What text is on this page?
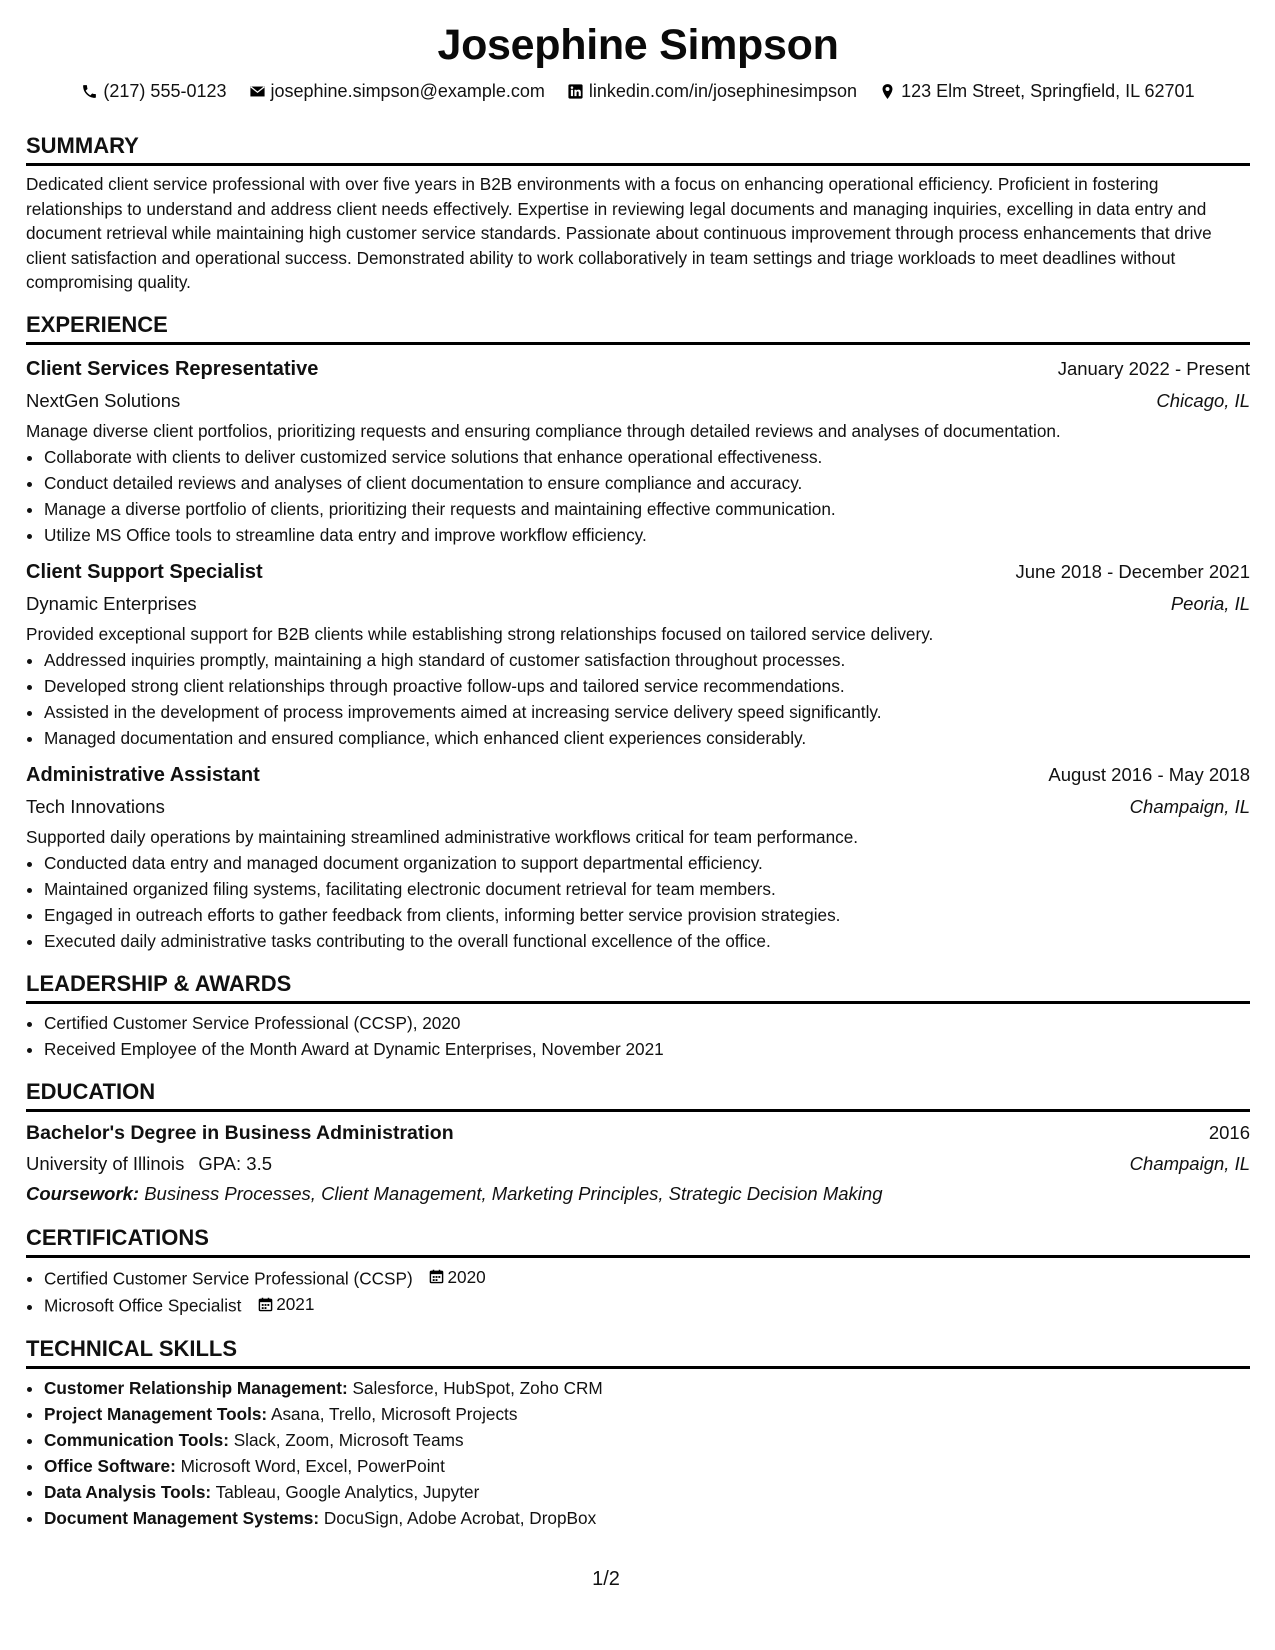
Josephine Simpson
(217) 555-0123 josephine.simpson@example.com linkedin.com/in/josephinesimpson 123 Elm Street, Springfield, IL 62701
SUMMARY

Dedicated client service professional with over five years in B2B environments with a focus on enhancing operational efficiency. Proficient in fostering relationships to understand and address client needs effectively. Expertise in reviewing legal documents and managing inquiries, excelling in data entry and document retrieval while maintaining high customer service standards. Passionate about continuous improvement through process enhancements that drive client satisfaction and operational success. Demonstrated ability to work collaboratively in team settings and triage workloads to meet deadlines without compromising quality.

EXPERIENCE
Client Services Representative	January 2022 - Present
NextGen Solutions	Chicago, IL
Manage diverse client portfolios, prioritizing requests and ensuring compliance through detailed reviews and analyses of documentation.
• Collaborate with clients to deliver customized service solutions that enhance operational effectiveness.
• Conduct detailed reviews and analyses of client documentation to ensure compliance and accuracy.
• Manage a diverse portfolio of clients, prioritizing their requests and maintaining effective communication.
• Utilize MS Office tools to streamline data entry and improve workflow efficiency.
Client Support Specialist	June 2018 - December 2021
Dynamic Enterprises	Peoria, IL
Provided exceptional support for B2B clients while establishing strong relationships focused on tailored service delivery.
• Addressed inquiries promptly, maintaining a high standard of customer satisfaction throughout processes.
• Developed strong client relationships through proactive follow-ups and tailored service recommendations.
• Assisted in the development of process improvements aimed at increasing service delivery speed significantly.
• Managed documentation and ensured compliance, which enhanced client experiences considerably.
Administrative Assistant	August 2016 - May 2018
Tech Innovations	Champaign, IL
Supported daily operations by maintaining streamlined administrative workflows critical for team performance.
• Conducted data entry and managed document organization to support departmental efficiency.
• Maintained organized filing systems, facilitating electronic document retrieval for team members.
• Engaged in outreach efforts to gather feedback from clients, informing better service provision strategies.
• Executed daily administrative tasks contributing to the overall functional excellence of the office.
LEADERSHIP & AWARDS
• Certified Customer Service Professional (CCSP), 2020
• Received Employee of the Month Award at Dynamic Enterprises, November 2021
EDUCATION
Bachelor's Degree in Business Administration	2016
University of Illinois GPA: 3.5	Champaign, IL
Coursework: Business Processes, Client Management, Marketing Principles, Strategic Decision Making
CERTIFICATIONS
• Certified Customer Service Professional (CCSP) 2020
• Microsoft Office Specialist 2021
TECHNICAL SKILLS
• Customer Relationship Management: Salesforce, HubSpot, Zoho CRM
• Project Management Tools: Asana, Trello, Microsoft Projects
• Communication Tools: Slack, Zoom, Microsoft Teams
• Office Software: Microsoft Word, Excel, PowerPoint
• Data Analysis Tools: Tableau, Google Analytics, Jupyter
• Document Management Systems: DocuSign, Adobe Acrobat, DropBox
1/2
